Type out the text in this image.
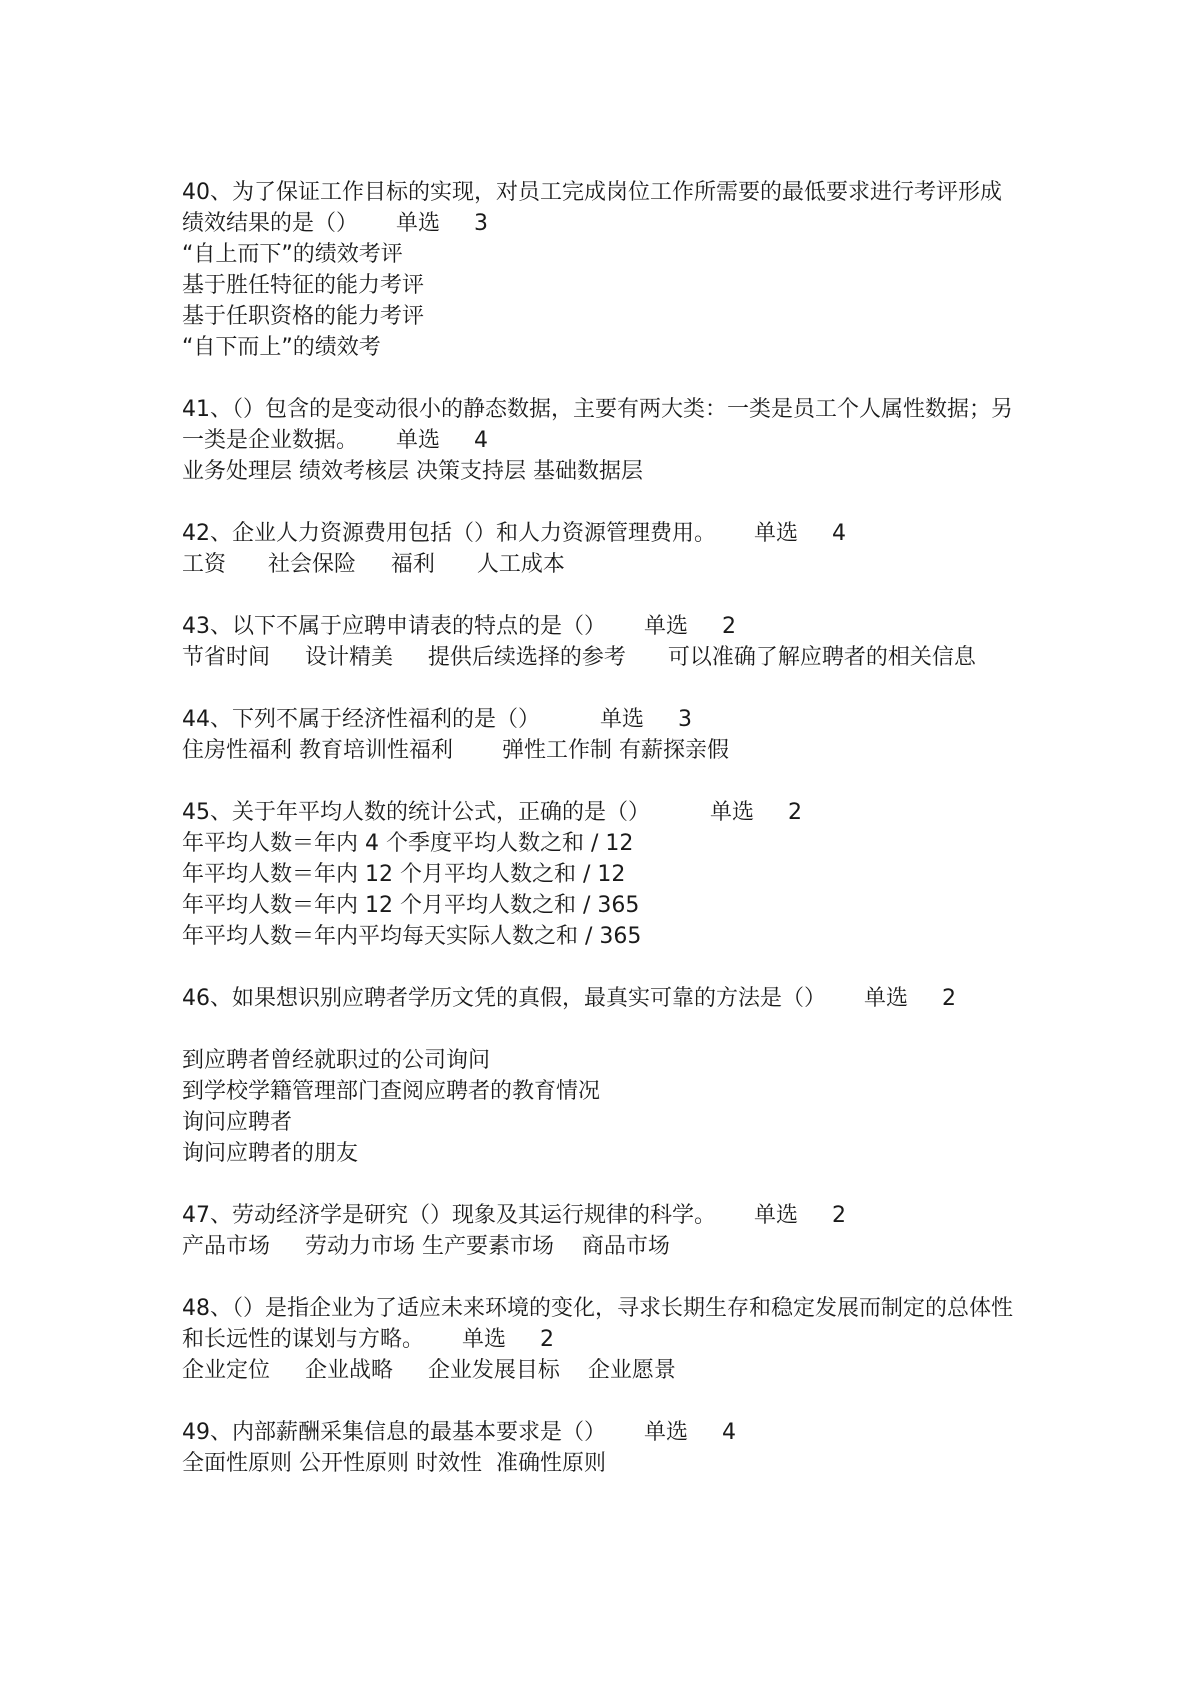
40、为了保证工作目标的实现，对员工完成岗位工作所需要的最低要求进行考评形成绩效结果的是（） 单选 3
“自上而下”的绩效考评
基于胜任特征的能力考评
基于任职资格的能力考评
“自下而上”的绩效考
41、（）包含的是变动很小的静态数据，主要有两大类：一类是员工个人属性数据；另一类是企业数据。 单选 4
业务处理层 绩效考核层 决策支持层 基础数据层
42、企业人力资源费用包括（）和人力资源管理费用。 单选 4
工资      社会保险     福利      人工成本
43、以下不属于应聘申请表的特点的是（） 单选 2
节省时间     设计精美     提供后续选择的参考      可以准确了解应聘者的相关信息
44、下列不属于经济性福利的是（）	单选 3
住房性福利 教育培训性福利       弹性工作制 有薪探亲假
45、关于年平均人数的统计公式，正确的是（）	单选 2
年平均人数＝年内 4 个季度平均人数之和 / 12
年平均人数＝年内 12 个月平均人数之和 / 12
年平均人数＝年内 12 个月平均人数之和 / 365
年平均人数＝年内平均每天实际人数之和 / 365
46、如果想识别应聘者学历文凭的真假，最真实可靠的方法是（） 单选 2
到应聘者曾经就职过的公司询问
到学校学籍管理部门查阅应聘者的教育情况
询问应聘者
询问应聘者的朋友
47、劳动经济学是研究（）现象及其运行规律的科学。 单选 2
产品市场     劳动力市场 生产要素市场    商品市场
48、（）是指企业为了适应未来环境的变化，寻求长期生存和稳定发展而制定的总体性和长远性的谋划与方略。 单选 2
企业定位     企业战略     企业发展目标    企业愿景
49、内部薪酬采集信息的最基本要求是（） 单选 4
全面性原则 公开性原则 时效性  准确性原则
